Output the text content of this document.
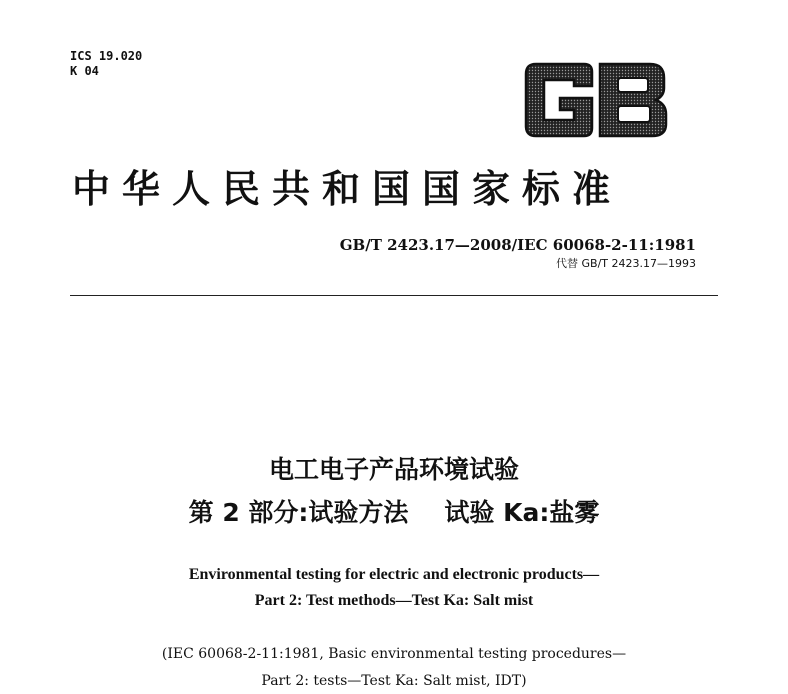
ICS 19.020
K 04
中华人民共和国国家标准
GB/T 2423.17—2008/IEC 60068-2-11:1981
代替 GB/T 2423.17—1993
电工电子产品环境试验
第 2 部分:试验方法 试验 Ka:盐雾
Environmental testing for electric and electronic products—
Part 2: Test methods—Test Ka: Salt mist
(IEC 60068-2-11:1981, Basic environmental testing procedures—
Part 2: tests—Test Ka: Salt mist, IDT)
